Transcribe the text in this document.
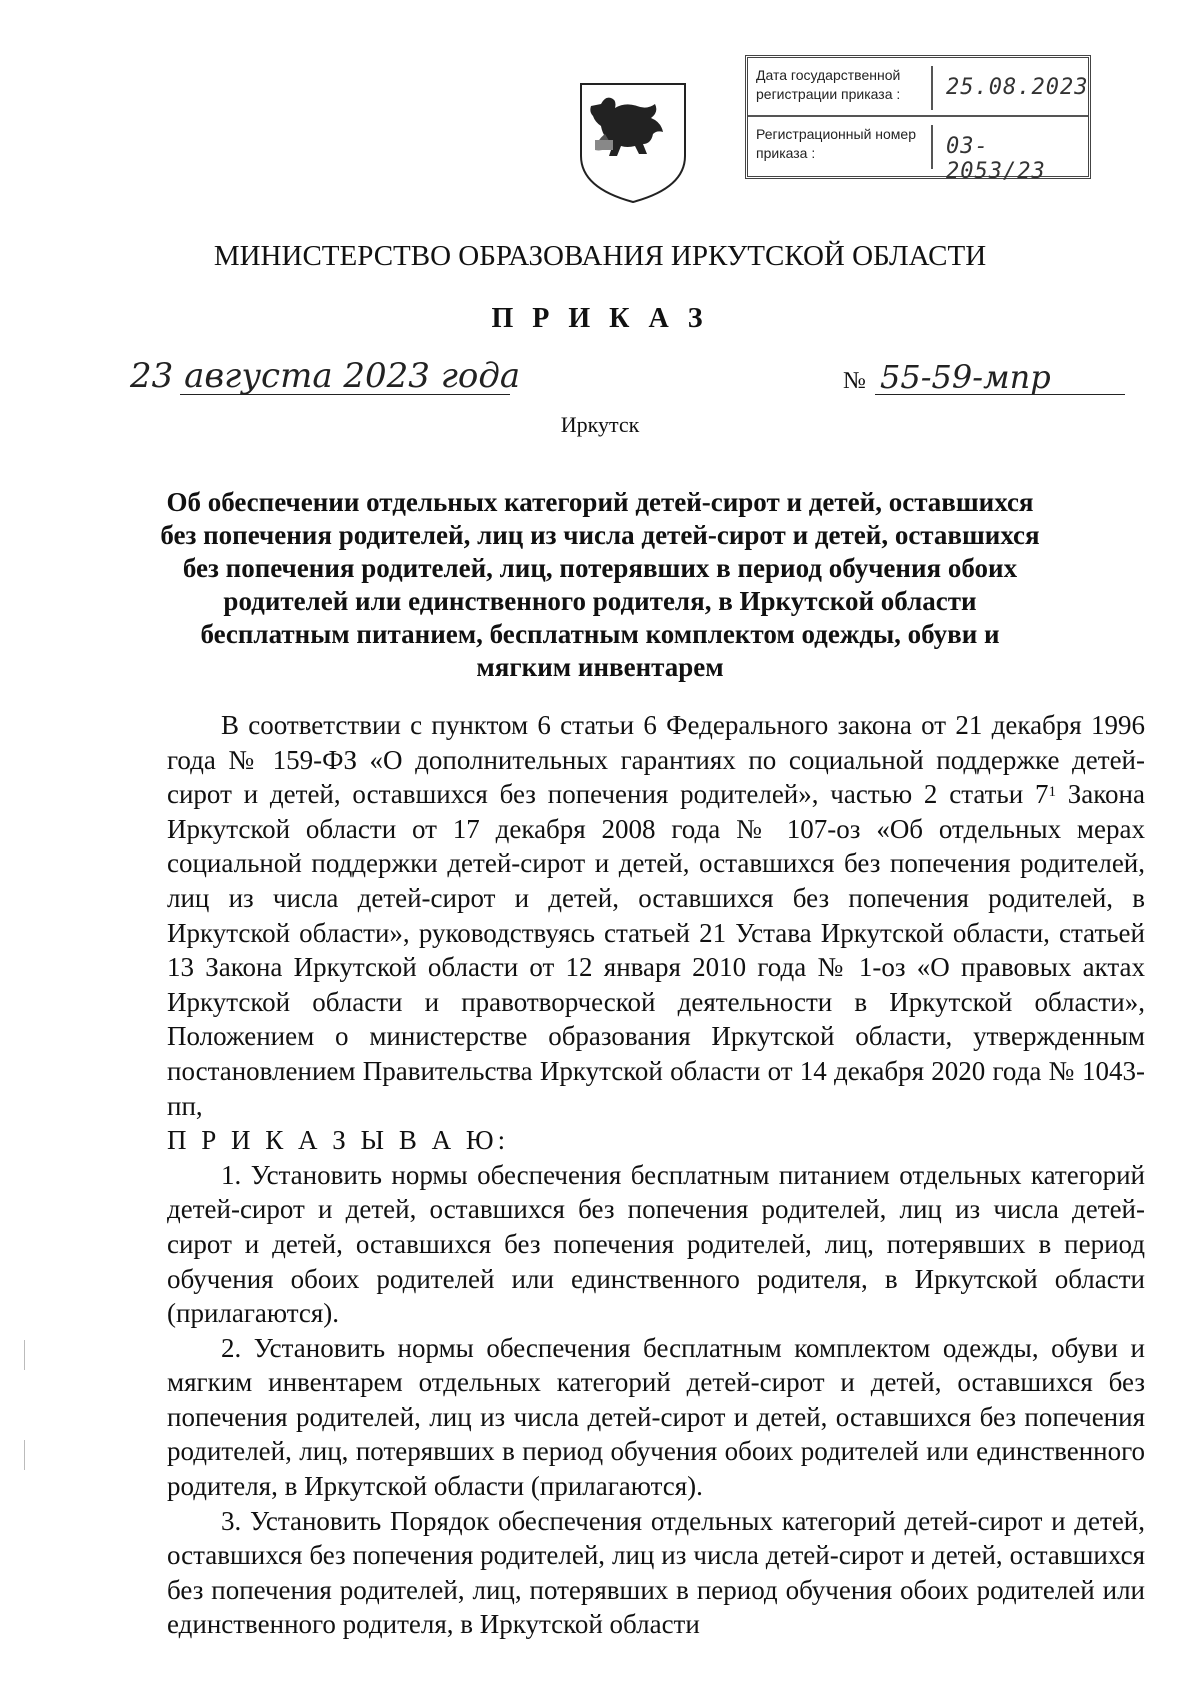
Дата государственной регистрации приказа :	25.08.2023
Регистрационный номер приказа :	03-2053/23
МИНИСТЕРСТВО ОБРАЗОВАНИЯ ИРКУТСКОЙ ОБЛАСТИ
П Р И К А З
23 августа 2023 года	№ 55-59-мпр
Иркутск
Об обеспечении отдельных категорий детей-сирот и детей, оставшихся без попечения родителей, лиц из числа детей-сирот и детей, оставшихся без попечения родителей, лиц, потерявших в период обучения обоих родителей или единственного родителя, в Иркутской области бесплатным питанием, бесплатным комплектом одежды, обуви и мягким инвентарем

В соответствии с пунктом 6 статьи 6 Федерального закона от 21 декабря 1996 года № 159-ФЗ «О дополнительных гарантиях по социальной поддержке детей-сирот и детей, оставшихся без попечения родителей», частью 2 статьи $7^1$ Закона Иркутской области от 17 декабря 2008 года № 107-оз «Об отдельных мерах социальной поддержки детей-сирот и детей, оставшихся без попечения родителей, лиц из числа детей-сирот и детей, оставшихся без попечения родителей, в Иркутской области», руководствуясь статьей 21 Устава Иркутской области, статьей 13 Закона Иркутской области от 12 января 2010 года № 1-оз «О правовых актах Иркутской области и правотворческой деятельности в Иркутской области», Положением о министерстве образования Иркутской области, утвержденным постановлением Правительства Иркутской области от 14 декабря 2020 года № 1043-пп,

П Р И К А З Ы В А Ю:

1. Установить нормы обеспечения бесплатным питанием отдельных категорий детей-сирот и детей, оставшихся без попечения родителей, лиц из числа детей-сирот и детей, оставшихся без попечения родителей, лиц, потерявших в период обучения обоих родителей или единственного родителя, в Иркутской области (прилагаются).

2. Установить нормы обеспечения бесплатным комплектом одежды, обуви и мягким инвентарем отдельных категорий детей-сирот и детей, оставшихся без попечения родителей, лиц из числа детей-сирот и детей, оставшихся без попечения родителей, лиц, потерявших в период обучения обоих родителей или единственного родителя, в Иркутской области (прилагаются).

3. Установить Порядок обеспечения отдельных категорий детей-сирот и детей, оставшихся без попечения родителей, лиц из числа детей-сирот и детей, оставшихся без попечения родителей, лиц, потерявших в период обучения обоих родителей или единственного родителя, в Иркутской области
